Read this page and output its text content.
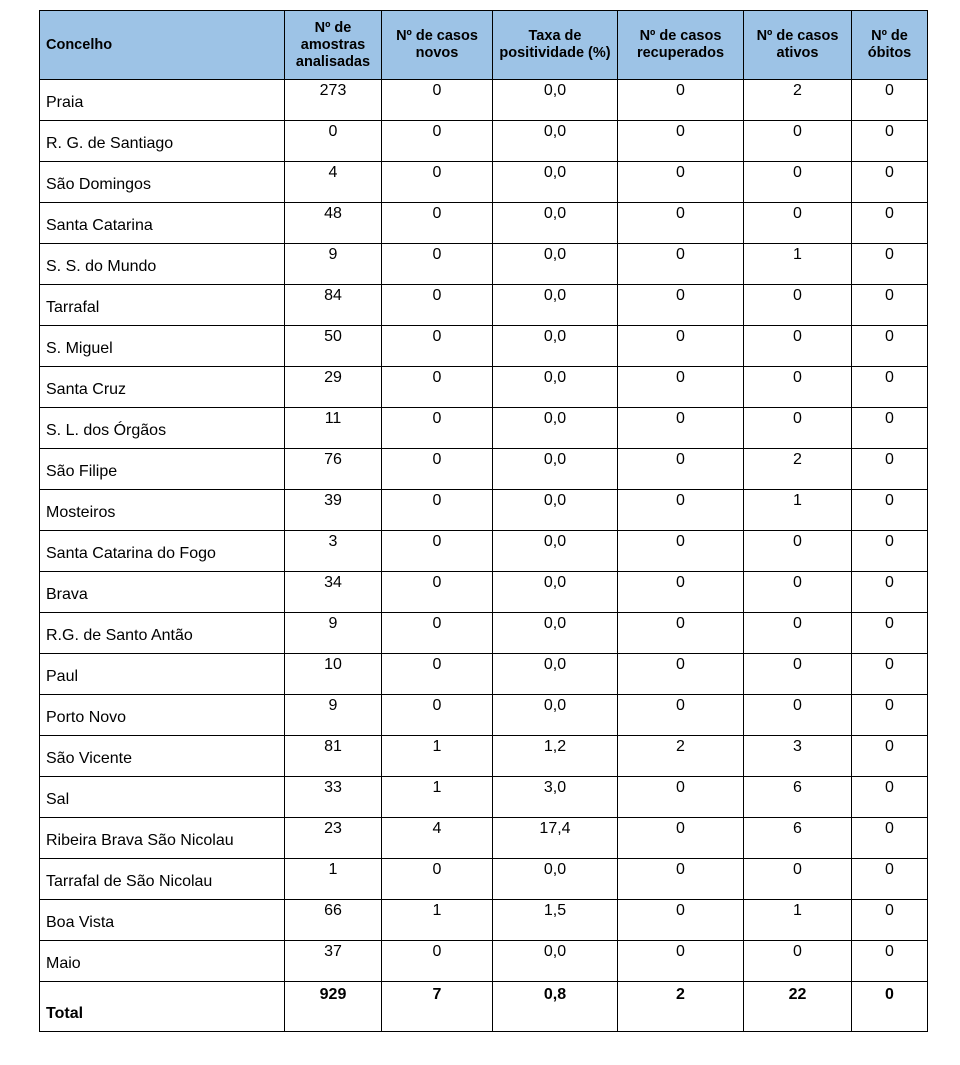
Concelho	Nº de amostras analisadas	Nº de casos novos	Taxa de positividade (%)	Nº de casos recuperados	Nº de casos ativos	Nº de óbitos
Praia	273	0	0,0	0	2	0
R. G. de Santiago	0	0	0,0	0	0	0
São Domingos	4	0	0,0	0	0	0
Santa Catarina	48	0	0,0	0	0	0
S. S. do Mundo	9	0	0,0	0	1	0
Tarrafal	84	0	0,0	0	0	0
S. Miguel	50	0	0,0	0	0	0
Santa Cruz	29	0	0,0	0	0	0
S. L. dos Órgãos	11	0	0,0	0	0	0
São Filipe	76	0	0,0	0	2	0
Mosteiros	39	0	0,0	0	1	0
Santa Catarina do Fogo	3	0	0,0	0	0	0
Brava	34	0	0,0	0	0	0
R.G. de Santo Antão	9	0	0,0	0	0	0
Paul	10	0	0,0	0	0	0
Porto Novo	9	0	0,0	0	0	0
São Vicente	81	1	1,2	2	3	0
Sal	33	1	3,0	0	6	0
Ribeira Brava São Nicolau	23	4	17,4	0	6	0
Tarrafal de São Nicolau	1	0	0,0	0	0	0
Boa Vista	66	1	1,5	0	1	0
Maio	37	0	0,0	0	0	0
Total	929	7	0,8	2	22	0
